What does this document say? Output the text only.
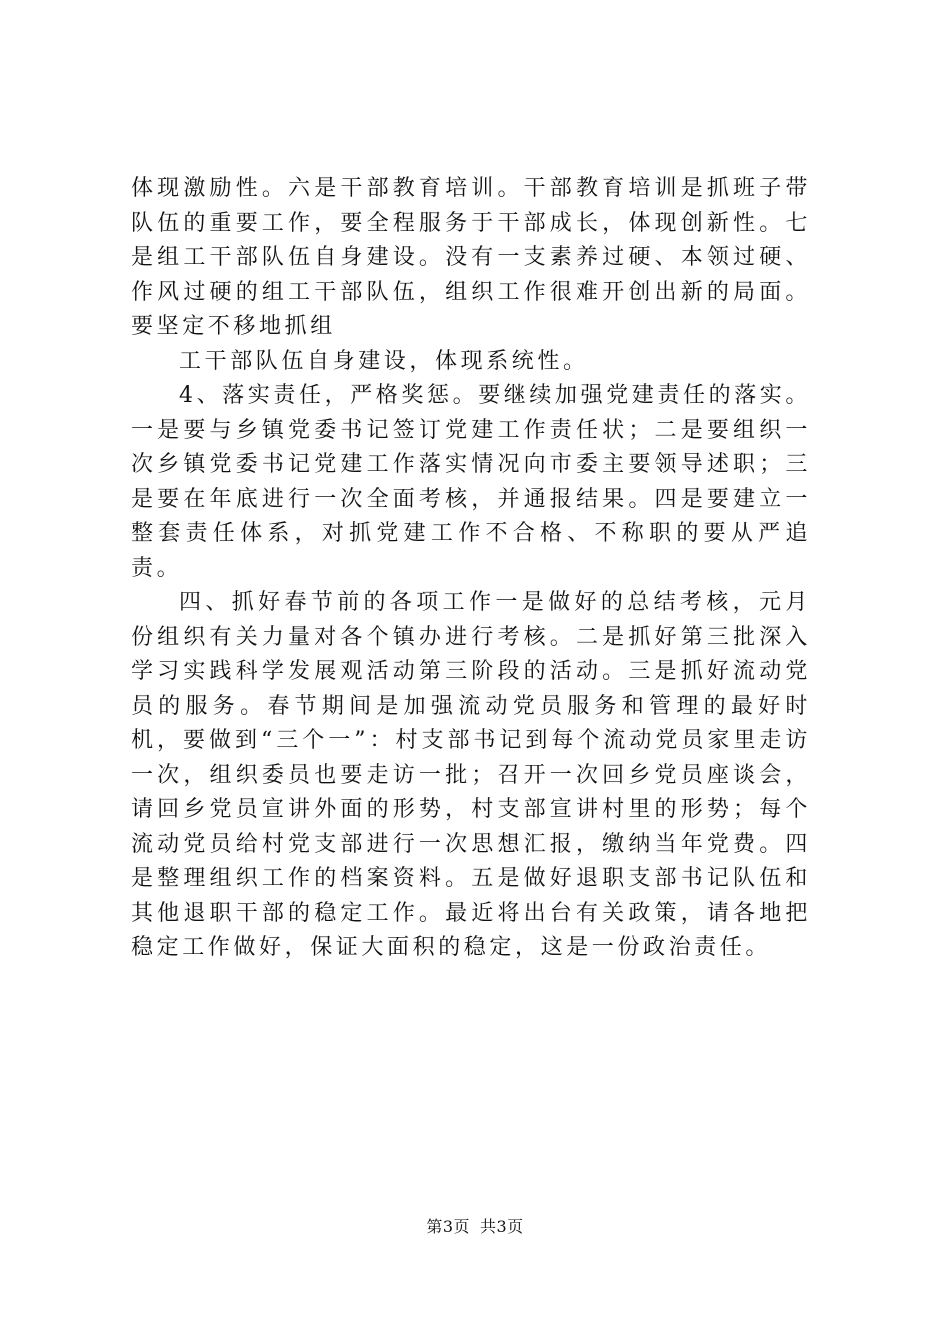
体现激励性。六是干部教育培训。干部教育培训是抓班子带队伍的重要工作，要全程服务于干部成长，体现创新性。七是组工干部队伍自身建设。没有一支素养过硬、本领过硬、作风过硬的组工干部队伍，组织工作很难开创出新的局面。要坚定不移地抓组

工干部队伍自身建设，体现系统性。

4、落实责任，严格奖惩。要继续加强党建责任的落实。一是要与乡镇党委书记签订党建工作责任状；二是要组织一次乡镇党委书记党建工作落实情况向市委主要领导述职；三是要在年底进行一次全面考核，并通报结果。四是要建立一整套责任体系，对抓党建工作不合格、不称职的要从严追责。

四、抓好春节前的各项工作一是做好的总结考核，元月份组织有关力量对各个镇办进行考核。二是抓好第三批深入学习实践科学发展观活动第三阶段的活动。三是抓好流动党员的服务。春节期间是加强流动党员服务和管理的最好时机，要做到“三个一”：村支部书记到每个流动党员家里走访一次，组织委员也要走访一批；召开一次回乡党员座谈会，请回乡党员宣讲外面的形势，村支部宣讲村里的形势；每个流动党员给村党支部进行一次思想汇报，缴纳当年党费。四是整理组织工作的档案资料。五是做好退职支部书记队伍和其他退职干部的稳定工作。最近将出台有关政策，请各地把稳定工作做好，保证大面积的稳定，这是一份政治责任。

第3页 共3页
